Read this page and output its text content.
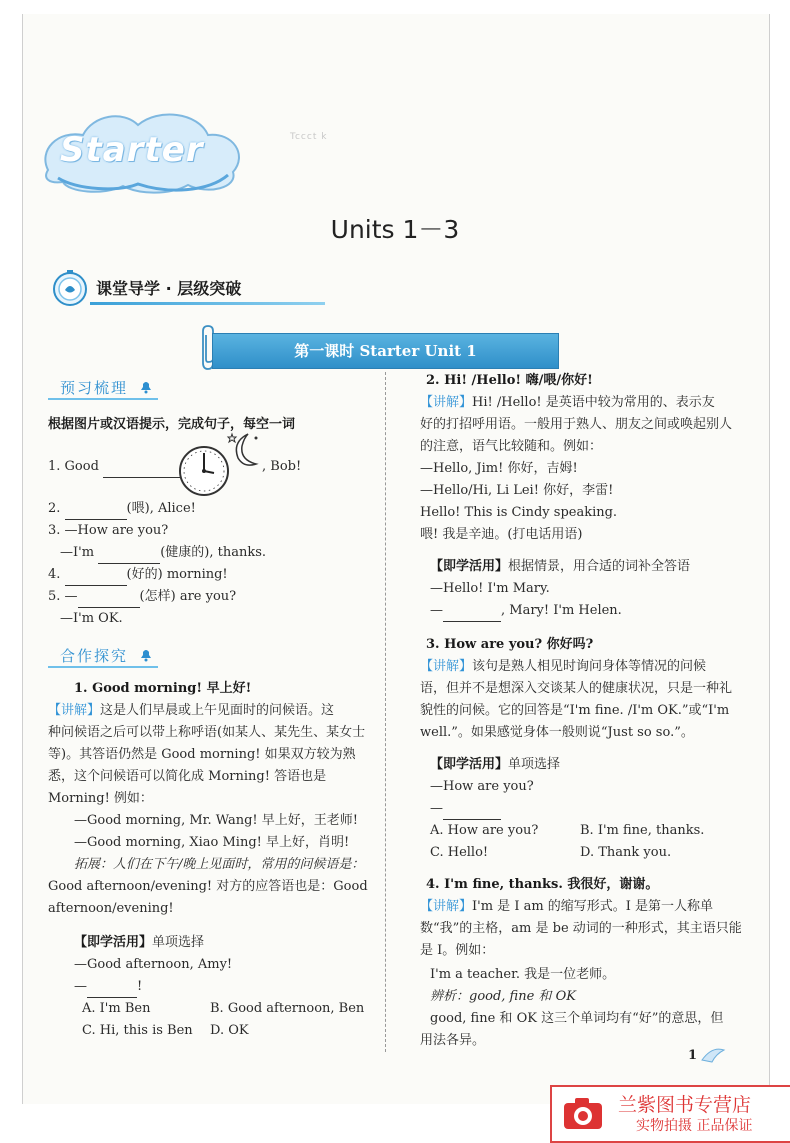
Starter	Tccct k
Units 1－3
课堂导学 · 层级突破
第一课时 Starter Unit 1
预习梳理
根据图片或汉语提示，完成句子，每空一词
1. Good	, Bob!
2.	(喂), Alice!
3. —How are you?
—I'm	(健康的), thanks.
4.	(好的) morning!
5. —	(怎样) are you?
—I'm OK.
合作探究
1. Good morning! 早上好!
【讲解】这是人们早晨或上午见面时的问候语。这
种问候语之后可以带上称呼语(如某人、某先生、某女士
等)。其答语仍然是 Good morning! 如果双方较为熟
悉，这个问候语可以简化成 Morning! 答语也是
Morning! 例如：
—Good morning, Mr. Wang! 早上好，王老师!
—Good morning, Xiao Ming! 早上好，肖明!
拓展：人们在下午/晚上见面时，常用的问候语是：
Good afternoon/evening! 对方的应答语也是：Good
afternoon/evening!
【即学活用】单项选择
—Good afternoon, Amy!
—	!
A. I'm Ben	B. Good afternoon, Ben
C. Hi, this is Ben D. OK
2. Hi! /Hello! 嗨/喂/你好!
【讲解】Hi! /Hello! 是英语中较为常用的、表示友
好的打招呼用语。一般用于熟人、朋友之间或唤起别人
的注意，语气比较随和。例如：
—Hello, Jim! 你好，吉姆!
—Hello/Hi, Li Lei! 你好，李雷!
Hello! This is Cindy speaking.
喂! 我是辛迪。(打电话用语)
【即学活用】根据情景，用合适的词补全答语
—Hello! I'm Mary.
—	, Mary! I'm Helen.
3. How are you? 你好吗?
【讲解】该句是熟人相见时询问身体等情况的问候
语，但并不是想深入交谈某人的健康状况，只是一种礼
貌性的问候。它的回答是“I'm fine. /I'm OK.”或“I'm
well.”。如果感觉身体一般则说“Just so so.”。
【即学活用】单项选择
—How are you?
—
A. How are you?	B. I'm fine, thanks.
C. Hello!	D. Thank you.
4. I'm fine, thanks. 我很好，谢谢。
【讲解】I'm 是 I am 的缩写形式。I 是第一人称单
数“我”的主格，am 是 be 动词的一种形式，其主语只能
是 I。例如：
I'm a teacher. 我是一位老师。
辨析：good, fine 和 OK
good, fine 和 OK 这三个单词均有“好”的意思，但
用法各异。
1
兰紫图书专营店
实物拍摄 正品保证
